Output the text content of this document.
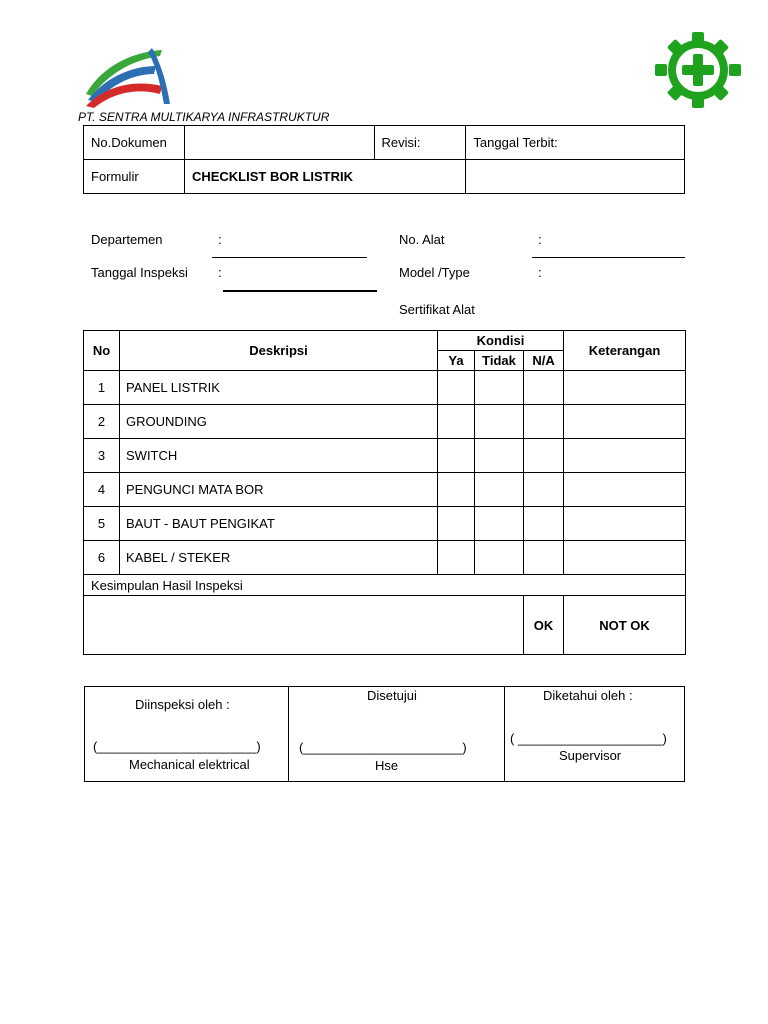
PT. SENTRA MULTIKARYA INFRASTRUKTUR
No.Dokumen		Revisi:	Tanggal Terbit:
Formulir	CHECKLIST BOR LISTRIK		
Departemen	:
Tanggal Inspeksi :
No. Alat	:
Model /Type	:
Sertifikat Alat
No	Deskripsi	Kondisi			Keterangan
		Ya	Tidak	N/A	
1	PANEL LISTRIK				
2	GROUNDING				
3	SWITCH				
4	PENGUNCI MATA BOR				
5	BAUT - BAUT PENGIKAT				
6	KABEL / STEKER				
Kesimpulan Hasil Inspeksi					
				OK	NOT OK
Diinspeksi oleh :
(______________________)
Mechanical elektrical

Disetujui
(______________________)
Hse

Diketahui oleh :
( ____________________)
Supervisor
